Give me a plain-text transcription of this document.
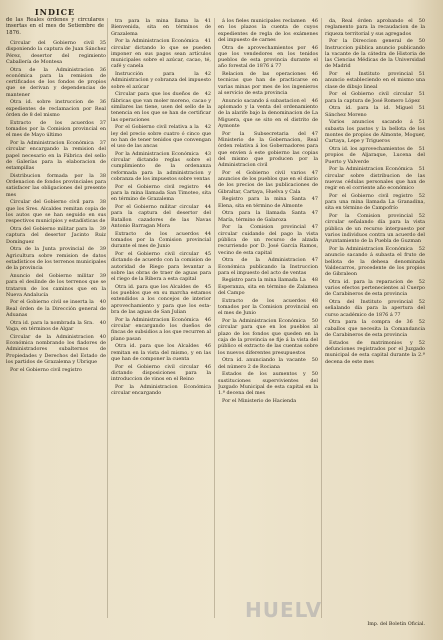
INDICE
de las Reales órdenes y circulares insertas en el mes de Setiembre de 1876.
35
Circular del Gobierno civil disponiendo la captura de Juan Sánchez Pérez, desertor del regimiento Caballería de Montesa
36
Otra de la Administracion económica para la remision de certificados de los fondos de propios que se derivan y dependencias de mantener
36
Otra id. sobre instruccion de expedientes de reclamacion por Real órden de 8 del mismo
37
Extracto de los acuerdos tomados por la Comision provincial en el mes de Mayo último
37
Por la Administracion Económica circular encargando la remision del papel necesario en la Fábrica del sello de Galerías para la elaboracion de estampillas
38
Distribucion formada por la Ordenacion de fondos provinciales para satisfacer las obligaciones del presente mes
38
Circular del Gobierno civil para que los Sres. Alcaldes remitan copia de los autos que se han seguido en sus respectivos municipios y estadísticas de
39
Otra del Gobierno militar para la captura del desertor Jacinto Ruiz Domínguez
39
Otra de la Junta provincial de Agricultura sobre remision de datos estadísticos de los terrenos municipales de la provincia
39
Anuncio del Gobierno militar para el deslinde de los terrenos que se trataron de los caminos que en la Nueva Andalucía
40
Por el Gobierno civil se inserta la Real órden de la Dirección general de Aduanas
40
Otra id. para la nombrada la Sra. Vaga, en términos de Algar
40
Circular de la Administracion Económica nombrando los fiadores de Administradores subalternos de Propiedades y Derechos del Estado de los partidos de Grazalema y Ubrique
Por el Gobierno civil registro
41
tra para la mina llama la Bienvenida, sita en términos de Grazalema
41
Por la Administracion Económica circular dictando lo que se pueden imponer en sus pagos sean artículos municipales sobre el azúcar, cacao, té, café y canela
42
Instrucción para la Administracion y cobranza del impuesto sobre el azúcar
42
Circular para que los dueños de fábricas que van moler moreno, cacao y similares las tiene, usen del sello de la tenencia en los que se han de certificar las operaciones
42
Por el Gobierno civil relativa a la ley del precio sobre cuatro ó cinco que no han de tener tenidos que convengan el uso de las ancas
43
Por la Administracion Económica circular dictando reglas sobre el cumplimiento de la ordenanza reformada para la administracion y cobranza de los impuestos sobre ventas
44
Por el Gobierno civil registro para la mina llamada San Timoteo, sita en término de Grazalema
44
Por el Gobierno militar circular para la captura del desertor del Batallon cazadores de las Navas Antonio Barragan Mora
44
Extracto de los acuerdos tomados por la Comision provincial durante el mes de Junio
45
Por el Gobierno civil circular dictando de acuerdo con la comision de autoridad de Riego para levantar a sobre las obras de traer de aguas para el riego de la Ribera a esta capital
45
Otra id. para que los Alcaldes de los pueblos que en su marcha estamos extendidos a los concejos de interior aprovechamiento y para que los esta-bra de las aguas de San Julian
46
Por la Administracion Económica circular encargando los dueños de fincas de subsidios a los que recurren al plano pasan
46
Otra id. para que los Alcaldes remitan en la vista del mismo, y en las que han de componer la cuenta
46
Por el Gobierno civil circular dictando disposiciones para la introduccion de vinos en el Reino
Por la Administracion Económica circular encargando
46
á los fieles municipales reclamen en los plazos la cuenta de cuyos expedientes de regla de los exámenes del impuesto de carnes
46
Otra de aprovechamientos por que los vendedores en los tenidos pueblos de esta provincia durante el año forestal de 1876 á 77
46
Relacion de las operaciones tecnicas que han de practicarse en varias minas por mes de los ingenieros al servicio de esta provincia
46
Anuncio sacando á subastacion el aplomado y la venta del ordenamiento de la alarife bajo la denominacion de La Miguera, que se sito en el distrito de Aymonte
47
Por la Subsecretaria del Ministerio de la Gobernacion, Real órden relativa á los Gobernadores para que envíen á este gobierno las copias del mismo que producen por la Administracion civil
47
Por el Gobierno civil varios anuncios de los pueblos que en el diario de los precios de las publicaciones de Gibraltar, Cartaya, Huelva y Cala
47
Registro para la mina Santa Elena, sita en término de Almonte
47
Otra para la llamada Santa María, término de Galaroza
47
Por la Comision provincial circular cuidando del pago la vista pública de un recurso de alzada recurriendo por D. José García Ramos, vecino de esta capital
47
Otra de la Administracion Económica publicando la Instruccion para el impuesto del acto de ventas
48
Registro para la mina llamada La Esperanza, sita en término de Zalamea del Campo
48
Extracto de los acuerdos tomados por la Comision provincial en el mes de Junio
50
Por la Administracion Económica circular para que en los pueblos al plazo de los fondos que queden en la caja de la provincia se fije á la vista del público el extracto de las cuentas sobre los nuevos diferentes presupuestos
50
Otra id. anunciando la vacante del número 2 de Rociana
50
Estados de los aumentos y sustituciones supervivientes del Juzgado Municipal de esta capital en la 1.ª decena del mes
Por el Ministerio de Hacienda
50
da, Real órden aprobando el reglamento para la recaudacion de la riqueza territorial y sus agregados
50
Por la Direccion general de Instruccion pública anuncio publicando la vacante de la cátedra de Historia de las Ciencias Médicas de la Universidad de Madrid
51
Por el Instituto provincial anuncio estableciendo en el mismo una clase de dibujo lineal
51
Por el Gobierno civil circular para la captura de José Romero López
51
Otra id. para la id. Miguel Sánchez Moreno
51
Varios anuncios sacando á subasta los pastos y la bellota de los montes de propios de Almonte, Moguer, Cartaya, Lepe y Trigueros
51
Otra id. los aprovechamientos de propios de Aljaraque, Lucena del Puerto y Valverde
51
Por la Administracion Económica circular sobre distribucion de las nuevas cédulas personales que han de regir en el corriente año económico
52
Por el Gobierno civil registro para una mina llamada La Granadina, sita en término de Campofrío
52
Por la Comision provincial circular señalando día para la vista pública de un recurso interpuesto por varios individuos contra un acuerdo del Ayuntamiento de la Puebla de Guzman
52
Por la Administracion Económica anuncio sacando á subasta el fruto de bellota de la dehesa denominada Valdecarros, procedente de los propios de Gibraleon
52
Otra id. para la reparacion de varios efectos pertenecientes al Cuerpo de Carabineros de esta provincia
52
Otra del Instituto provincial señalando día para la apertura del curso académico de 1876 á 77
52
Otra para la compra de 36 caballos que necesita la Comandancia de Carabineros de esta provincia
52
Estados de matrimonios y defunciones registrados por el Juzgado municipal de esta capital durante la 2.ª decena de este mes
Imp. del Boletín Oficial.
HUELV
